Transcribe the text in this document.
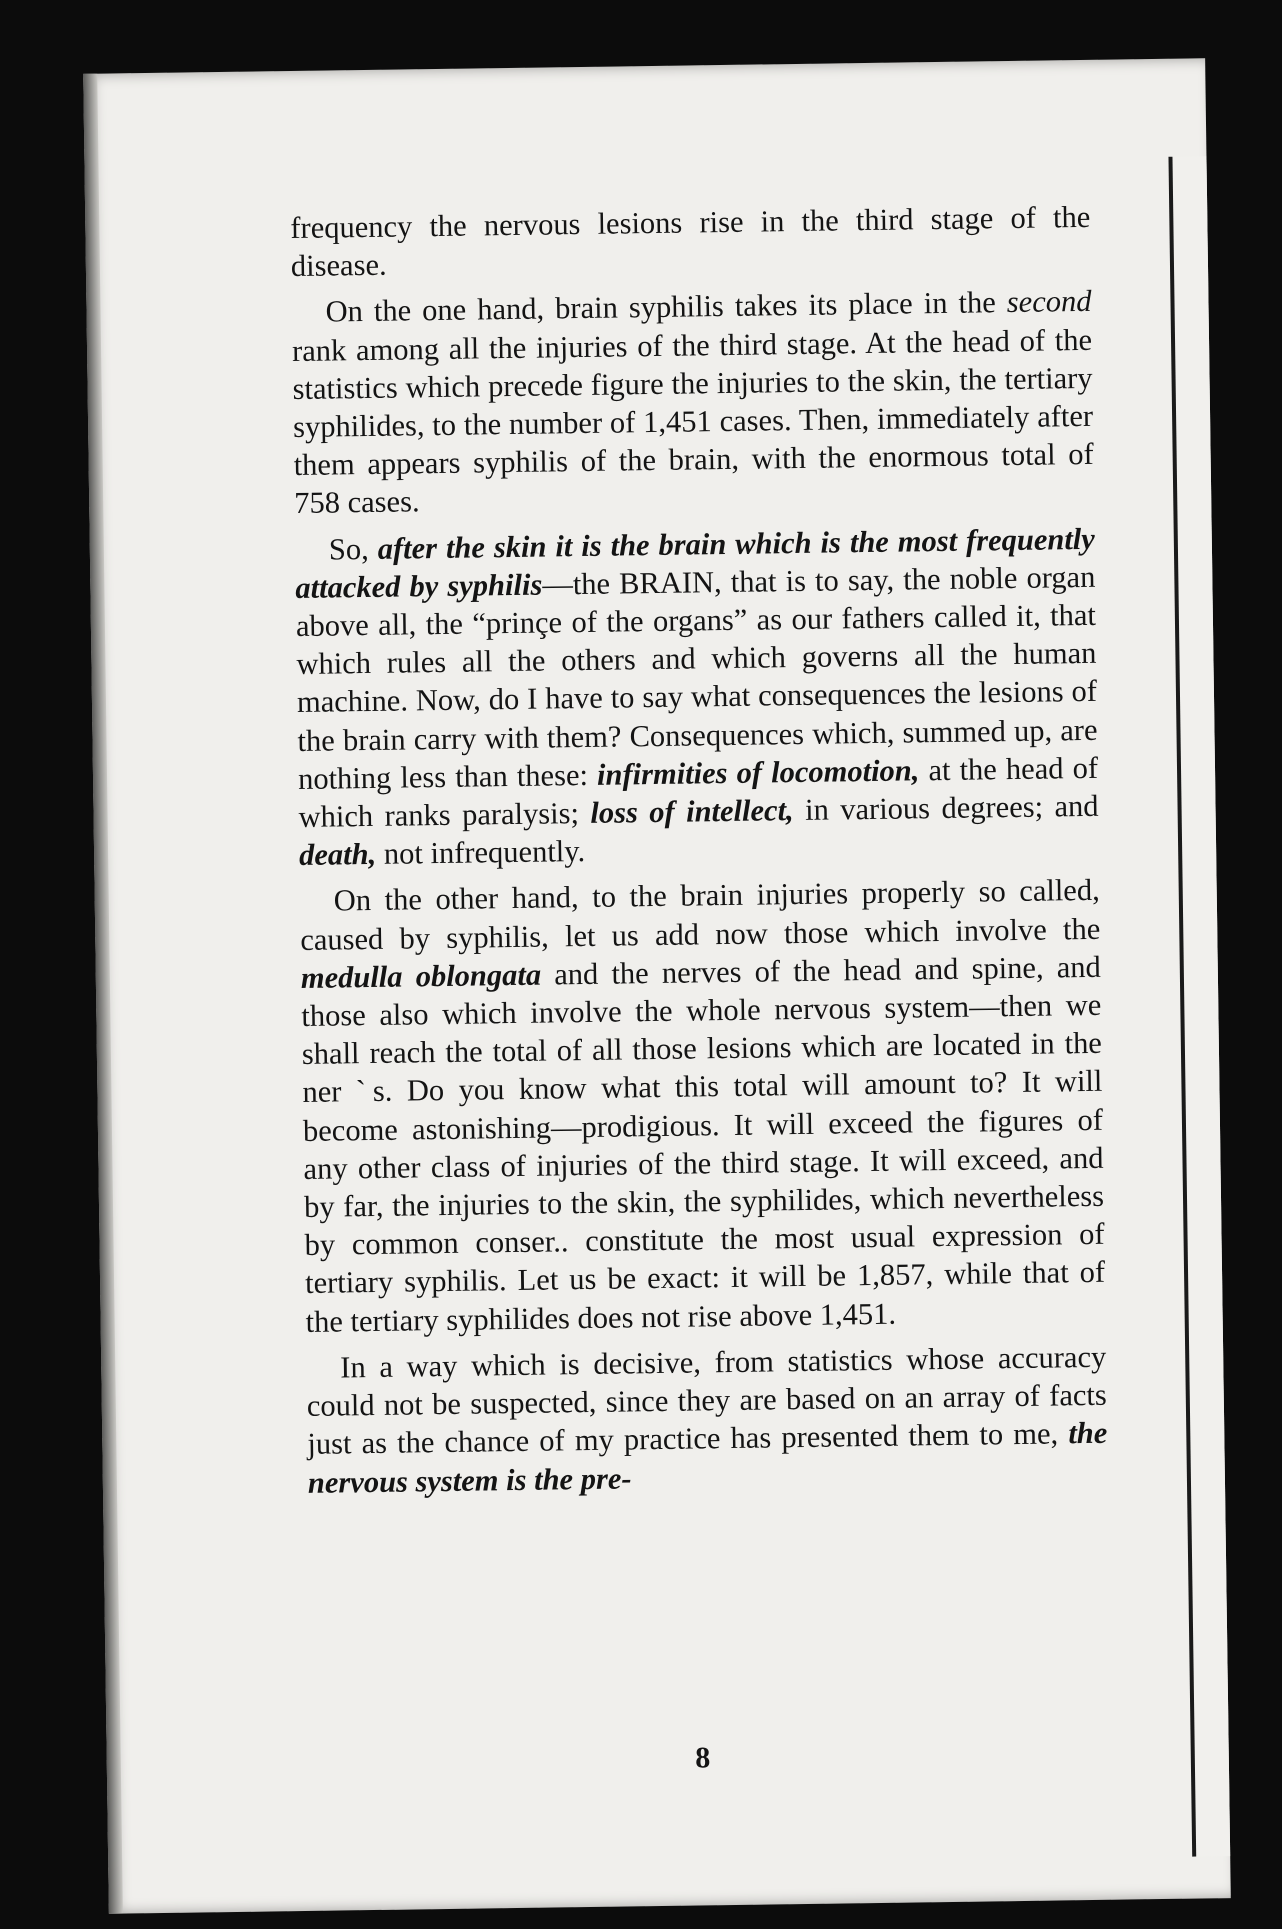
frequency the nervous lesions rise in the third stage of the disease.

On the one hand, brain syphilis takes its place in the second rank among all the injuries of the third stage. At the head of the statistics which precede figure the injuries to the skin, the tertiary syphilides, to the number of 1,451 cases. Then, immediately after them appears syphilis of the brain, with the enormous total of 758 cases.

So, after the skin it is the brain which is the most frequently attacked by syphilis—the BRAIN, that is to say, the noble organ above all, the “prinçe of the organs” as our fathers called it, that which rules all the others and which governs all the human machine. Now, do I have to say what consequences the lesions of the brain carry with them? Consequences which, summed up, are nothing less than these: infirmities of locomotion, at the head of which ranks paralysis; loss of intellect, in various degrees; and death, not infrequently.

On the other hand, to the brain injuries properly so called, caused by syphilis, let us add now those which involve the medulla oblongata and the nerves of the head and spine, and those also which involve the whole nervous system—then we shall reach the total of all those lesions which are located in the ner ˋs. Do you know what this total will amount to? It will become astonishing—prodigious. It will exceed the figures of any other class of injuries of the third stage. It will exceed, and by far, the injuries to the skin, the syphilides, which nevertheless by common conser.. constitute the most usual expression of tertiary syphilis. Let us be exact: it will be 1,857, while that of the tertiary syphilides does not rise above 1,451.

In a way which is decisive, from statistics whose accuracy could not be suspected, since they are based on an array of facts just as the chance of my practice has presented them to me, the nervous system is the pre-

8
